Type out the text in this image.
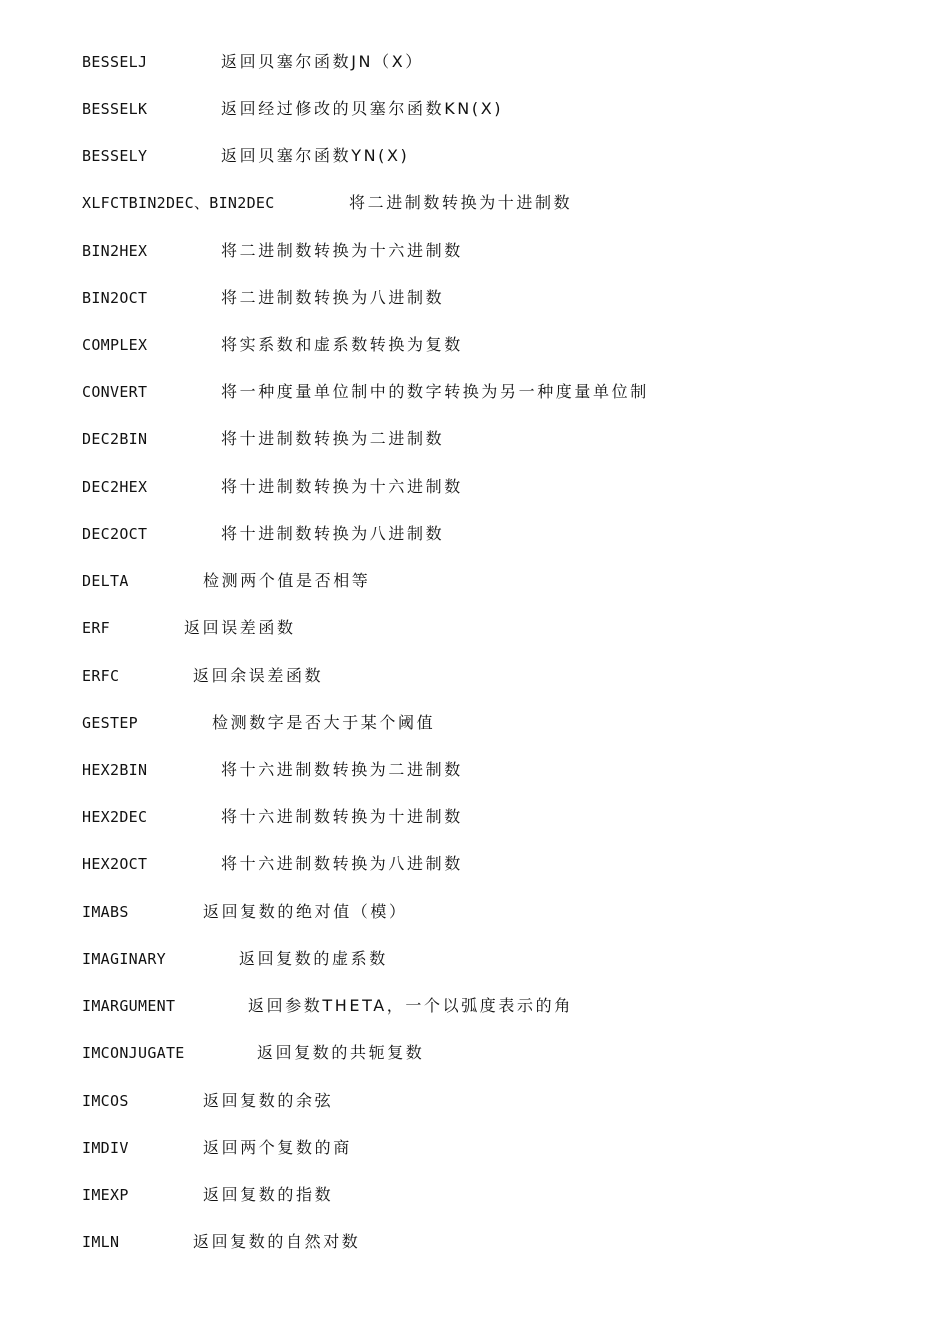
BESSELJ	返回贝塞尔函数JN（X）
BESSELK	返回经过修改的贝塞尔函数KN(X)
BESSELY	返回贝塞尔函数YN(X)
XLFCTBIN2DEC、BIN2DEC	将二进制数转换为十进制数
BIN2HEX	将二进制数转换为十六进制数
BIN2OCT	将二进制数转换为八进制数
COMPLEX	将实系数和虚系数转换为复数
CONVERT	将一种度量单位制中的数字转换为另一种度量单位制
DEC2BIN	将十进制数转换为二进制数
DEC2HEX	将十进制数转换为十六进制数
DEC2OCT	将十进制数转换为八进制数
DELTA	检测两个值是否相等
ERF	返回误差函数
ERFC	返回余误差函数
GESTEP	检测数字是否大于某个阈值
HEX2BIN	将十六进制数转换为二进制数
HEX2DEC	将十六进制数转换为十进制数
HEX2OCT	将十六进制数转换为八进制数
IMABS	返回复数的绝对值（模）
IMAGINARY	返回复数的虚系数
IMARGUMENT	返回参数THETA，一个以弧度表示的角
IMCONJUGATE	返回复数的共轭复数
IMCOS	返回复数的余弦
IMDIV	返回两个复数的商
IMEXP	返回复数的指数
IMLN	返回复数的自然对数
